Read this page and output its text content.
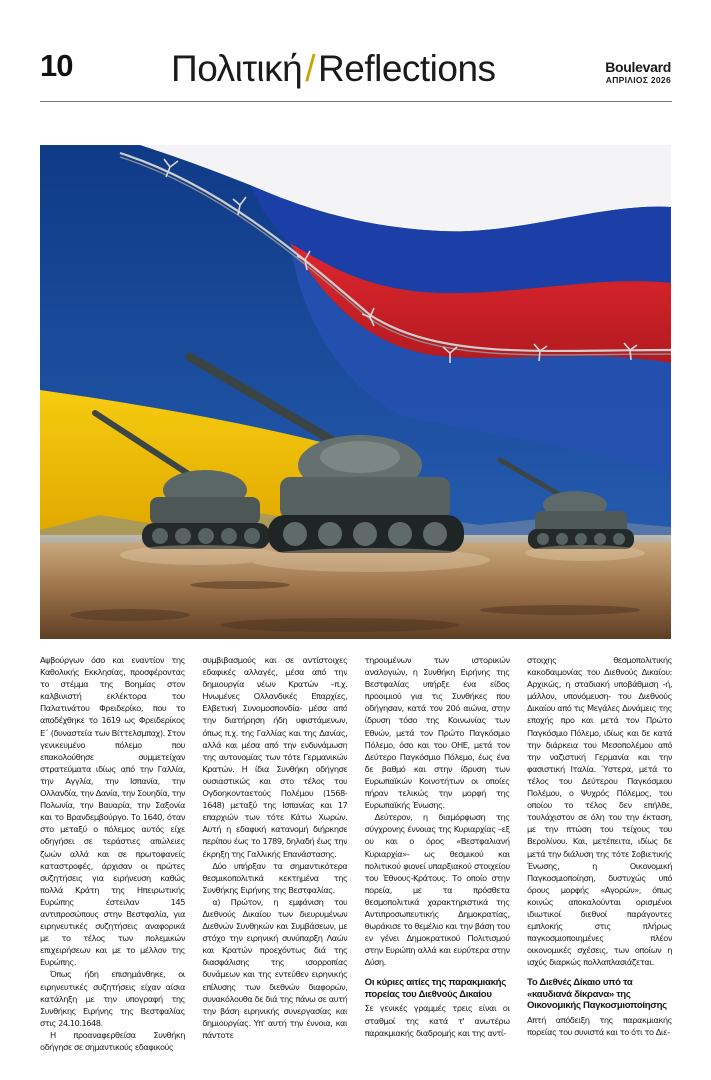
10	Πολιτική/Reflections	Boulevard
ΑΠΡΙΛΙΟΣ 2026

Αψβούργων όσο και εναντίον της Καθολικής Εκκλησίας, προσφέροντας το στέμμα της Βοημίας στον καλβινιστή εκλέκτορα του Παλατινάτου Φρειδερίκο, που το αποδέχθηκε το 1619 ως Φρειδερίκος Ε΄ (δυναστεία των Βίττελσμπαχ). Στον γενικευμένο πόλεμο που επακολούθησε συμμετείχαν στρατεύματα ιδίως από την Γαλλία, την Αγγλία, την Ισπανία, την Ολλανδία, την Δανία, την Σουηδία, την Πολωνία, την Βαυαρία, την Σαξονία και το Βρανδεμβούργο. Το 1640, όταν στο μεταξύ ο πόλεμος αυτός είχε οδηγήσει σε τεράστιες απώλειες ζωών αλλά και σε πρωτοφανείς καταστροφές, άρχισαν οι πρώτες συζητήσεις για ειρήνευση καθώς πολλά Κράτη της Ηπειρωτικής Ευρώπης έστειλαν 145 αντιπροσώπους στην Βεστφαλία, για ειρηνευτικές συζητήσεις αναφορικά με το τέλος των πολεμικών επιχειρήσεων και με το μέλλον της Ευρώπης.

Όπως ήδη επισημάνθηκε, οι ειρηνευτικές συζητήσεις είχαν αίσια κατάληξη με την υπογραφή της Συνθήκης Ειρήνης της Βεστφαλίας στις 24.10.1648.

Η προαναφερθείσα Συνθήκη οδήγησε σε σημαντικούς εδαφικούς

συμβιβασμούς και σε αντίστοιχες εδαφικές αλλαγές, μέσα από την δημιουργία νέων Κρατών –π.χ. Ηνωμένες Ολλανδικές Επαρχίες, Ελβετική Συνομοσπονδία- μέσα από την διατήρηση ήδη υφιστάμενων, όπως π.χ. της Γαλλίας και της Δανίας, αλλά και μέσα από την ενδυνάμωση της αυτονομίας των τότε Γερμανικών Κρατών. Η ίδια Συνθήκη οδήγησε ουσιαστικώς και στο τέλος του Ογδοηκονταετούς Πολέμου (1568-1648) μεταξύ της Ισπανίας και 17 επαρχιών των τότε Κάτω Χωρών. Αυτή η εδαφική κατανομή διήρκησε περίπου έως το 1789, δηλαδή έως την έκρηξη της Γαλλικής Επανάστασης.

Δύο υπήρξαν τα σημαντικότερα θεσμικοπολιτικά κεκτημένα της Συνθήκης Ειρήνης της Βεστφαλίας.

α) Πρώτον, η εμφάνιση του Διεθνούς Δικαίου των διευρυμένων Διεθνών Συνθηκών και Συμβάσεων, με στόχο την ειρηνική συνύπαρξη Λαών και Κρατών προεχόντως διά της διασφάλισης της ισορροπίας δυνάμεων και της εντεύθεν ειρηνικής επίλυσης των διεθνών διαφορών, συνακόλουθα δε διά της πάνω σε αυτή την βάση ειρηνικής συνεργασίας και δημιουργίας. Υπ' αυτή την έννοια, και πάντοτε

τηρουμένων των ιστορικών αναλογιών, η Συνθήκη Ειρήνης της Βεστφαλίας υπήρξε ένα είδος προοιμιού για τις Συνθήκες που οδήγησαν, κατά τον 20ό αιώνα, στην ίδρυση τόσο της Κοινωνίας των Εθνών, μετά τον Πρώτο Παγκόσμιο Πόλεμο, όσο και του ΟΗΕ, μετά τον Δεύτερο Παγκόσμιο Πόλεμο, έως ένα δε βαθμό και στην ίδρυση των Ευρωπαϊκών Κοινοτήτων οι οποίες πήραν τελικώς την μορφή της Ευρωπαϊκής Ένωσης.

Δεύτερον, η διαμόρφωση της σύγχρονης έννοιας της Κυριαρχίας –εξ ου και ο όρος «Βεστφαλιανή Κυριαρχία»- ως θεσμικού και πολιτικού φιονεί υπαρξιακού στοιχείου του Έθνους-Κράτους. Το οποίο στην πορεία, με τα πρόσθετα θεσμοπολιτικά χαρακτηριστικά της Αντιπροσωπευτικής Δημοκρατίας, θωράκισε το θεμέλιο και την βάση του εν γένει Δημοκρατικού Πολιτισμού στην Ευρώπη αλλά και ευρύτερα στην Δύση.

Οι κύριες αιτίες της παρακμιακής πορείας του Διεθνούς Δικαίου

Σε γενικές γραμμές τρεις είναι οι σταθμοί της κατά τ' ανωτέρω παρακμιακής διαδρομής και της αντί-

στοιχης θεσμοπολιτικής κακοδαιμονίας του Διεθνούς Δικαίου: Αρχικώς, η σταδιακή υποβάθμιση -ή, μάλλον, υπονόμευση- του Διεθνούς Δικαίου από τις Μεγάλες Δυνάμεις της εποχής προ και μετά τον Πρώτο Παγκόσμιο Πόλεμο, ιδίως και δε κατά την διάρκεια του Μεσοπολέμου από την ναζιστική Γερμανία και την φασιστική Ιταλία. Ύστερα, μετά το τέλος του Δεύτερου Παγκόσμιου Πολέμου, ο Ψυχρός Πόλεμος, του οποίου το τέλος δεν επήλθε, τουλάχιστον σε όλη του την έκταση, με την πτώση του τείχους του Βερολίνου. Και, μετέπειτα, ιδίως δε μετά την διάλυση της τότε Σοβιετικής Ένωσης, η Οικονομική Παγκοσμιοποίηση, δυστυχώς υπό όρους μορφής «Αγορών», όπως κοινώς αποκαλούνται ορισμένοι ιδιωτικοί διεθνοί παράγοντες εμπλοκής στις πλήρως παγκοσμιοποιημένες πλέον οικονομικές σχέσεις, των οποίων η ισχύς διαρκώς πολλαπλασιάζεται.

Το Διεθνές Δίκαιο υπό τα «καυδιανά δίκρανα» της Οικονομικής Παγκοσμιοποίησης

Απτή απόδειξη της παρακμιακής πορείας του συνιστά και το ότι το Διε-
